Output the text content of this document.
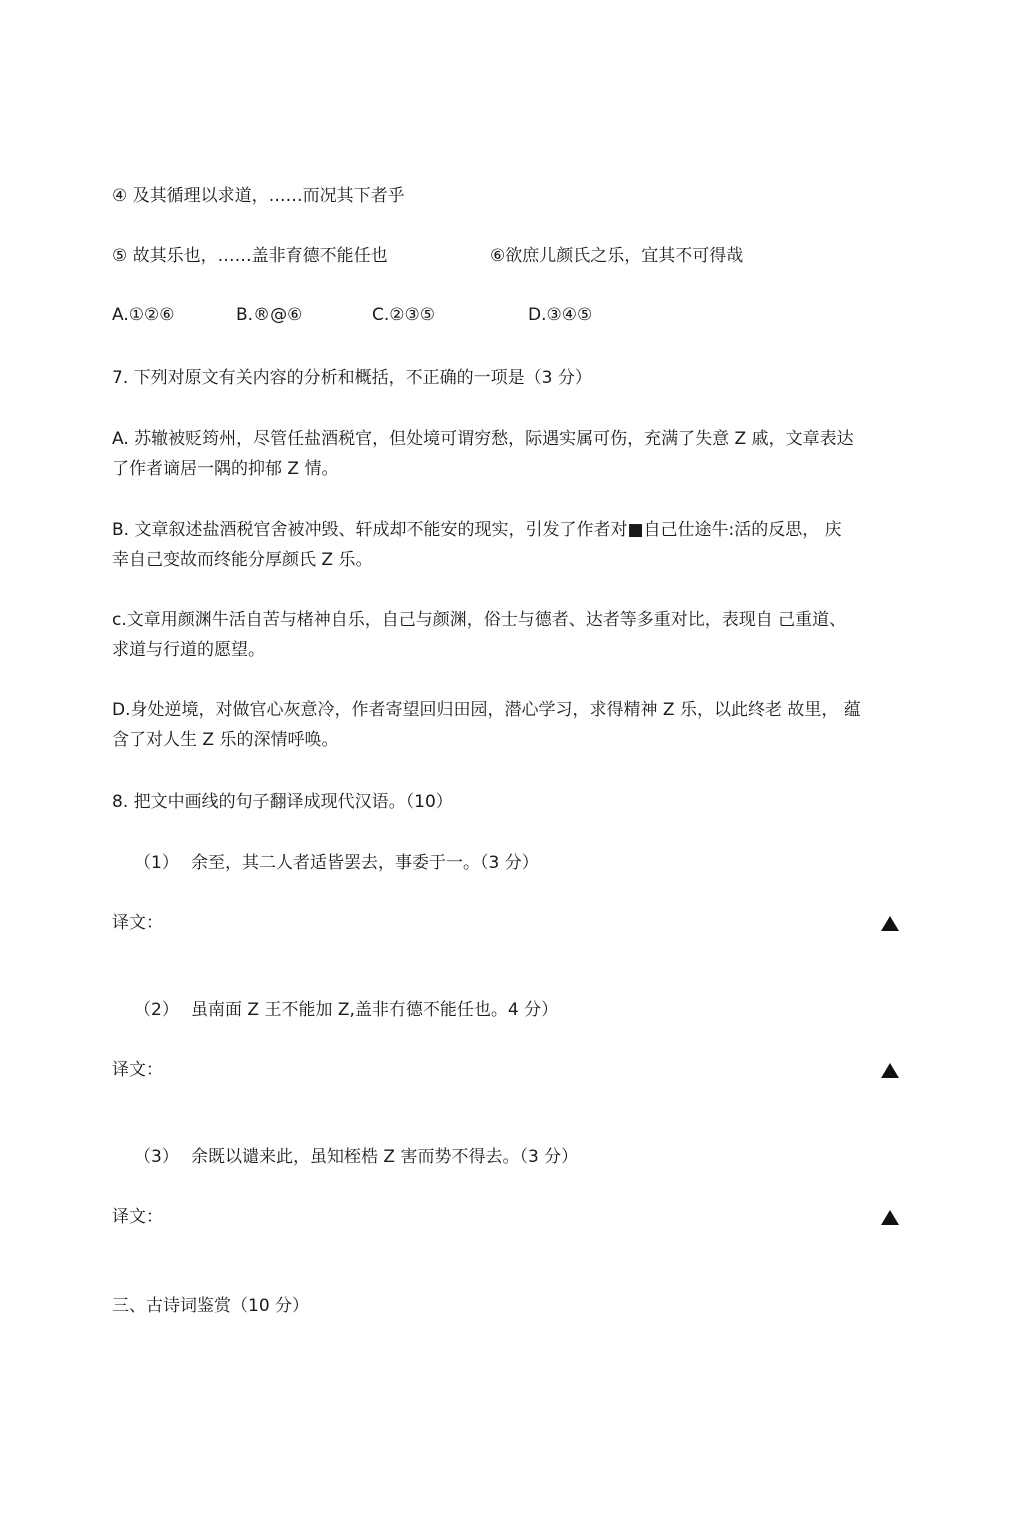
④ 及其循理以求道，……而况其下者乎
⑤ 故其乐也，……盖非育德不能任也	⑥欲庶儿颜氏之乐，宜其不可得哉
A.①②⑥	B.®@⑥	C.②③⑤	D.③④⑤
7. 下列对原文有关内容的分析和概括，不正确的一项是（3 分）

A. 苏辙被贬筠州，尽管任盐酒税官，但处境可谓穷愁，际遇实属可伤，充满了失意 Z 戚，文章表达

了作者谪居一隅的抑郁 Z 情。

B. 文章叙述盐酒税官舍被冲毁、轩成却不能安的现实，引发了作者对■自己仕途牛:活的反思， 庆

幸自己变故而终能分厚颜氏 Z 乐。

c.文章用颜渊牛活自苦与楮神自乐，自己与颜渊，俗士与德者、达者等多重对比，表现自 己重道、

求道与行道的愿望。

D.身处逆境，对做官心灰意冷，作者寄望回归田园，潜心学习，求得精神 Z 乐，以此终老 故里， 蕴

含了对人生 Z 乐的深情呼唤。

8. 把文中画线的句子翻译成现代汉语。（10）
（1） 余至，其二人者适皆罢去，事委于一。（3 分）
译文：
（2） 虽南面 Z 王不能加 Z,盖非冇德不能任也。4 分）
译文：
（3） 余既以谴来此，虽知桎梏 Z 害而势不得去。（3 分）
译文：
三、古诗词鉴赏（10 分）
